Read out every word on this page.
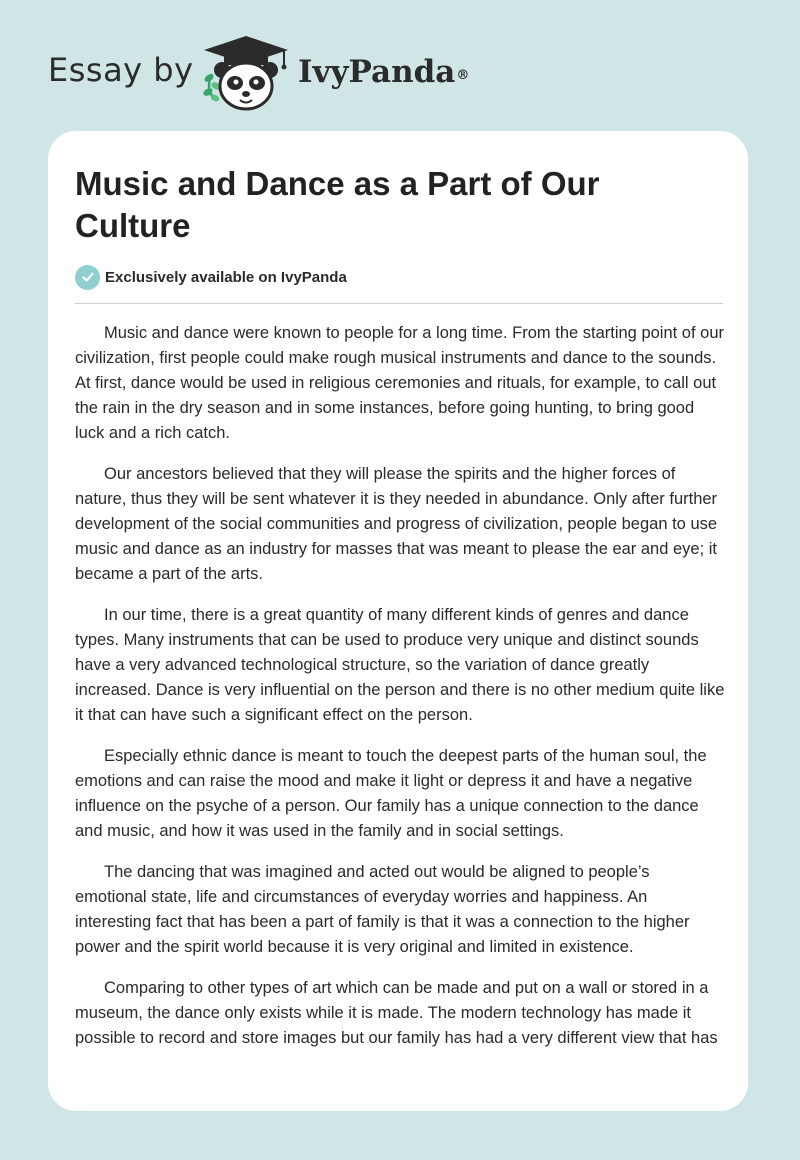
Essay by	IvyPanda®
Music and Dance as a Part of Our Culture
Exclusively available on IvyPanda

Music and dance were known to people for a long time. From the starting point of our civilization, first people could make rough musical instruments and dance to the sounds. At first, dance would be used in religious ceremonies and rituals, for example, to call out the rain in the dry season and in some instances, before going hunting, to bring good luck and a rich catch.

Our ancestors believed that they will please the spirits and the higher forces of nature, thus they will be sent whatever it is they needed in abundance. Only after further development of the social communities and progress of civilization, people began to use music and dance as an industry for masses that was meant to please the ear and eye; it became a part of the arts.

In our time, there is a great quantity of many different kinds of genres and dance types. Many instruments that can be used to produce very unique and distinct sounds have a very advanced technological structure, so the variation of dance greatly increased. Dance is very influential on the person and there is no other medium quite like it that can have such a significant effect on the person.

Especially ethnic dance is meant to touch the deepest parts of the human soul, the emotions and can raise the mood and make it light or depress it and have a negative influence on the psyche of a person. Our family has a unique connection to the dance and music, and how it was used in the family and in social settings.

The dancing that was imagined and acted out would be aligned to people’s emotional state, life and circumstances of everyday worries and happiness. An interesting fact that has been a part of family is that it was a connection to the higher power and the spirit world because it is very original and limited in existence.

Comparing to other types of art which can be made and put on a wall or stored in a museum, the dance only exists while it is made. The modern technology has made it possible to record and store images but our family has had a very different view that has
